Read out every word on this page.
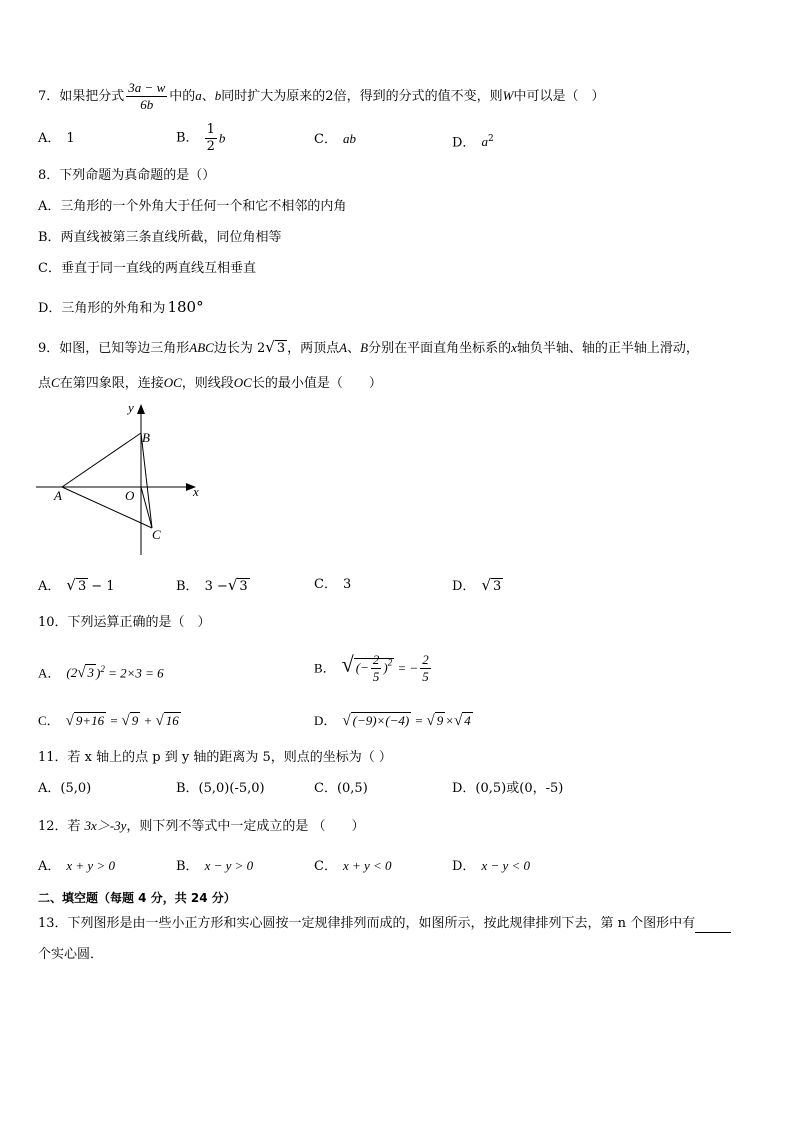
7．如果把分式 $\frac{3a - w}{6b}$ 中的a、b同时扩大为原来的2倍，得到的分式的值不变，则W中可以是（　）
A． 1	B． $\frac{1}{2}$ b	C． ab	D． $a^2$
8．下列命题为真命题的是（）
A．三角形的一个外角大于任何一个和它不相邻的内角
B．两直线被第三条直线所截，同位角相等
C．垂直于同一直线的两直线互相垂直
D．三角形的外角和为 180°
9．如图，已知等边三角形ABC边长为 2√ 3 ，两顶点A、B分别在平面直角坐标系的x轴负半轴、轴的正半轴上滑动，
点C在第四象限，连接OC，则线段OC长的最小值是（　　）
y
x
A
B
O
C
A． √ 3 − 1	B． 3 −√ 3	C． 3	D． √ 3
10．下列运算正确的是（　）
A． (2√ 3 )$^2$ = 2×3 = 6	B． √ (− $\frac{2}{5} )^2$ = − $\frac{2}{5}$
C． √ 9+16 = √ 9 + √ 16	D． √ (−9)×(−4) = √ 9 ×√ 4
11．若 x 轴上的点 p 到 y 轴的距离为 5，则点的坐标为（ ）
A．(5,0)	B．(5,0)(-5,0)	C．(0,5)	D．(0,5)或(0，-5)
12．若 3x＞-3y，则下列不等式中一定成立的是 （　　）
A． x + y > 0	B． x − y > 0	C． x + y < 0	D． x − y < 0
二、填空题（每题 4 分，共 24 分）
13．下列图形是由一些小正方形和实心圆按一定规律排列而成的，如图所示，按此规律排列下去，第 n 个图形中有
个实心圆．
